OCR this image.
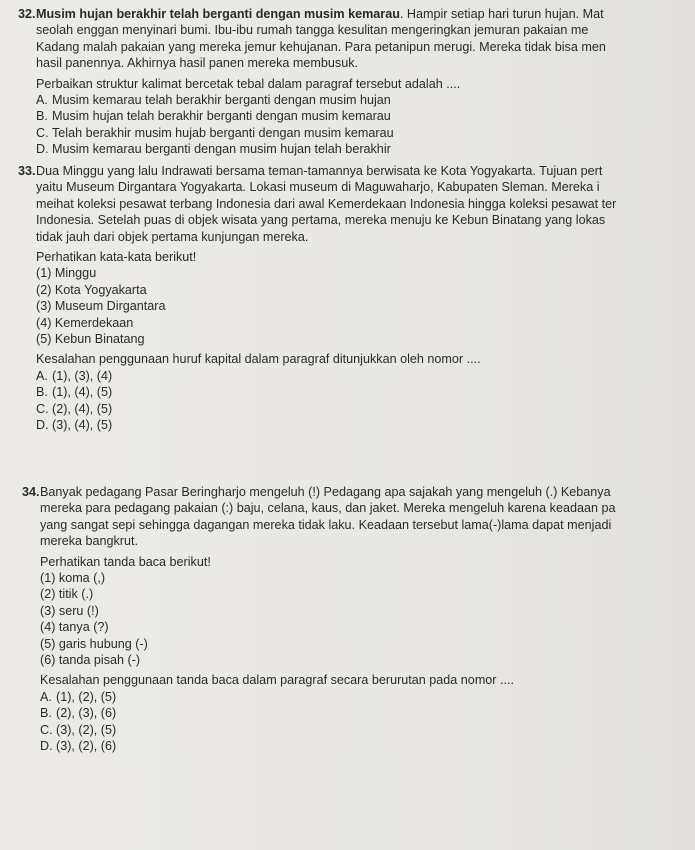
32. Musim hujan berakhir telah berganti dengan musim kemarau. Hampir setiap hari turun hujan. Mat
seolah enggan menyinari bumi. Ibu-ibu rumah tangga kesulitan mengeringkan jemuran pakaian me
Kadang malah pakaian yang mereka jemur kehujanan. Para petanipun merugi. Mereka tidak bisa men
hasil panennya. Akhirnya hasil panen mereka membusuk.
Perbaikan struktur kalimat bercetak tebal dalam paragraf tersebut adalah ....
A. Musim kemarau telah berakhir berganti dengan musim hujan
B. Musim hujan telah berakhir berganti dengan musim kemarau
C. Telah berakhir musim hujab berganti dengan musim kemarau
D. Musim kemarau berganti dengan musim hujan telah berakhir
33. Dua Minggu yang lalu Indrawati bersama teman-tamannya berwisata ke Kota Yogyakarta. Tujuan pert
yaitu Museum Dirgantara Yogyakarta. Lokasi museum di Maguwaharjo, Kabupaten Sleman. Mereka i
meihat koleksi pesawat terbang Indonesia dari awal Kemerdekaan Indonesia hingga koleksi pesawat ter
Indonesia. Setelah puas di objek wisata yang pertama, mereka menuju ke Kebun Binatang yang lokas
tidak jauh dari objek pertama kunjungan mereka.
Perhatikan kata-kata berikut!
(1) Minggu
(2) Kota Yogyakarta
(3) Museum Dirgantara
(4) Kemerdekaan
(5) Kebun Binatang
Kesalahan penggunaan huruf kapital dalam paragraf ditunjukkan oleh nomor ....
A. (1), (3), (4)
B. (1), (4), (5)
C. (2), (4), (5)
D. (3), (4), (5)
34. Banyak pedagang Pasar Beringharjo mengeluh (!) Pedagang apa sajakah yang mengeluh (.) Kebanya
mereka para pedagang pakaian (:) baju, celana, kaus, dan jaket. Mereka mengeluh karena keadaan pa
yang sangat sepi sehingga dagangan mereka tidak laku. Keadaan tersebut lama(-)lama dapat menjadi
mereka bangkrut.
Perhatikan tanda baca berikut!
(1) koma (,)
(2) titik (.)
(3) seru (!)
(4) tanya (?)
(5) garis hubung (-)
(6) tanda pisah (-)
Kesalahan penggunaan tanda baca dalam paragraf secara berurutan pada nomor ....
A. (1), (2), (5)
B. (2), (3), (6)
C. (3), (2), (5)
D. (3), (2), (6)
